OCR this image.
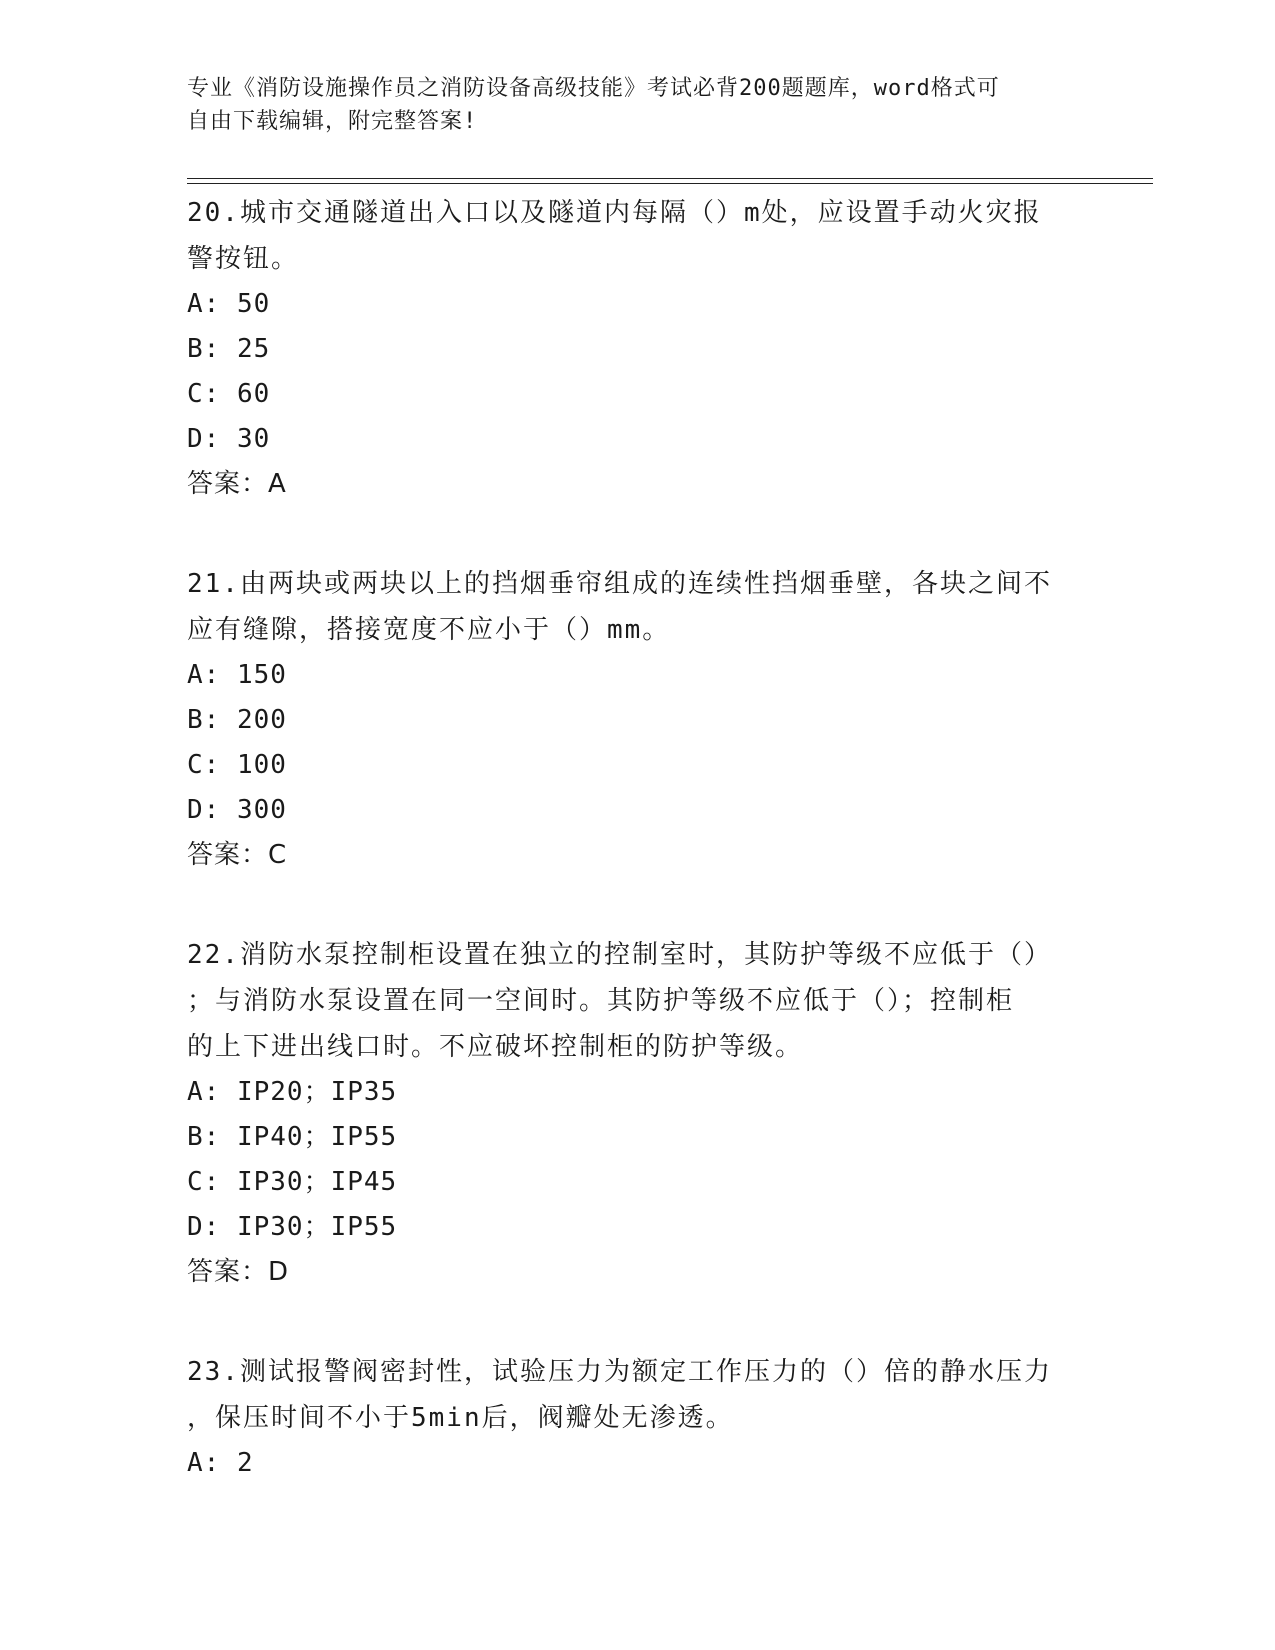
专业《消防设施操作员之消防设备高级技能》考试必背200题题库，word格式可
自由下载编辑，附完整答案!
20.城市交通隧道出入口以及隧道内每隔（）m处，应设置手动火灾报
警按钮。
A: 50
B: 25
C: 60
D: 30
答案：A
21.由两块或两块以上的挡烟垂帘组成的连续性挡烟垂壁，各块之间不
应有缝隙，搭接宽度不应小于（）mm。
A: 150
B: 200
C: 100
D: 300
答案：C
22.消防水泵控制柜设置在独立的控制室时，其防护等级不应低于（）
；与消防水泵设置在同一空间时。其防护等级不应低于（）；控制柜
的上下进出线口时。不应破坏控制柜的防护等级。
A: IP20；IP35
B: IP40；IP55
C: IP30；IP45
D: IP30；IP55
答案：D
23.测试报警阀密封性，试验压力为额定工作压力的（）倍的静水压力
，保压时间不小于5min后，阀瓣处无渗透。
A: 2
